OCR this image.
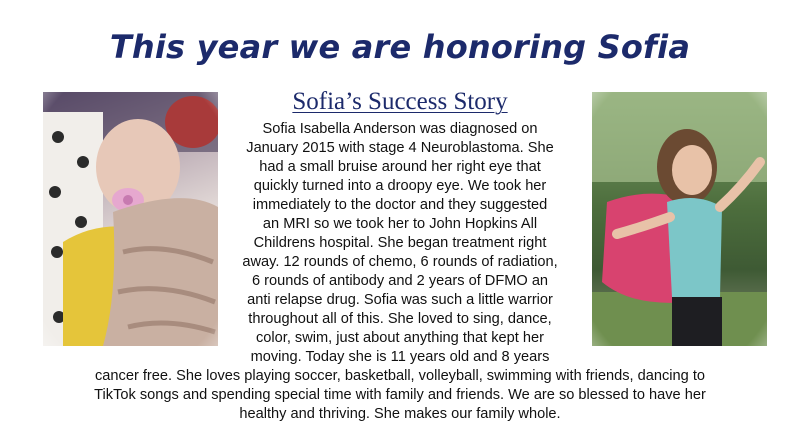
This year we are honoring Sofia
Sofia’s Success Story
Sofia Isabella Anderson was diagnosed on
January 2015 with stage 4 Neuroblastoma. She
had a small bruise around her right eye that
quickly turned into a droopy eye. We took her
immediately to the doctor and they suggested
an MRI so we took her to John Hopkins All
Childrens hospital. She began treatment right
away. 12 rounds of chemo, 6 rounds of radiation,
6 rounds of antibody and 2 years of DFMO an
anti relapse drug. Sofia was such a little warrior
throughout all of this. She loved to sing, dance,
color, swim, just about anything that kept her
moving. Today she is 11 years old and 8 years
cancer free. She loves playing soccer, basketball, volleyball, swimming with friends, dancing to
TikTok songs and spending special time with family and friends. We are so blessed to have her
healthy and thriving. She makes our family whole.
